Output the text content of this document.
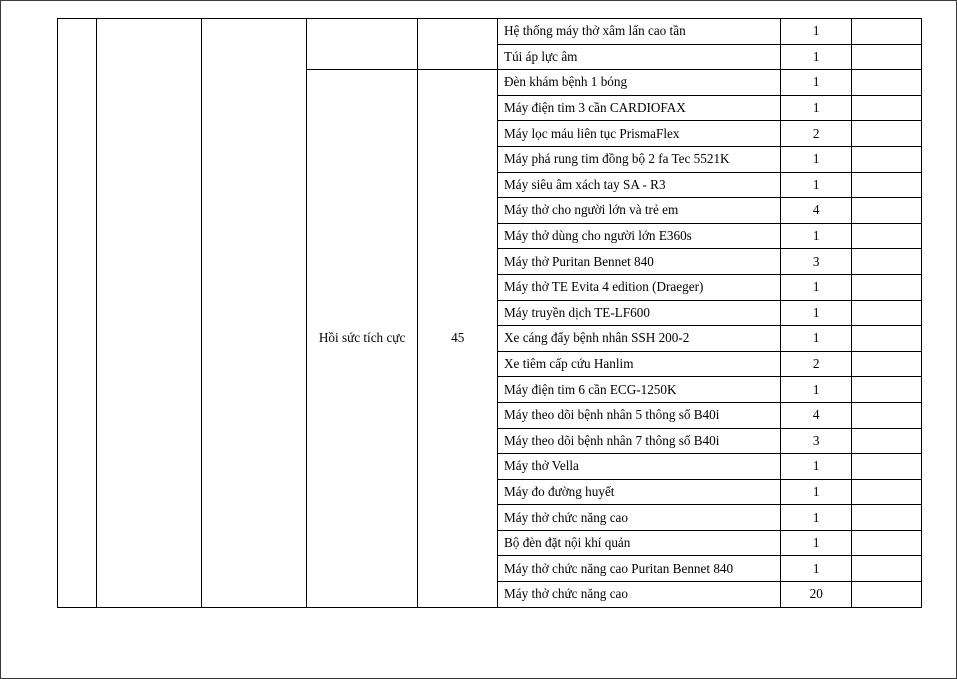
					Hệ thống máy thở xâm lấn cao tần	1	
					Túi áp lực âm	1	
			Hồi sức tích cực	45	Đèn khám bệnh 1 bóng	1	
					Máy điện tim 3 cần CARDIOFAX	1	
					Máy lọc máu liên tục PrismaFlex	2	
					Máy phá rung tim đồng bộ 2 fa Tec 5521K	1	
					Máy siêu âm xách tay SA - R3	1	
					Máy thở cho người lớn và trẻ em	4	
					Máy thở dùng cho người lớn E360s	1	
					Máy thở Puritan Bennet 840	3	
					Máy thở TE Evita 4 edition (Draeger)	1	
					Máy truyền dịch TE-LF600	1	
					Xe cáng đẩy bệnh nhân SSH 200-2	1	
					Xe tiêm cấp cứu Hanlim	2	
					Máy điện tim 6 cần ECG-1250K	1	
					Máy theo dõi bệnh nhân 5 thông số B40i	4	
					Máy theo dõi bệnh nhân 7 thông số B40i	3	
					Máy thở Vella	1	
					Máy đo đường huyết	1	
					Máy thở chức năng cao	1	
					Bộ đèn đặt nội khí quản	1	
					Máy thở chức năng cao Puritan Bennet 840	1	
					Máy thở chức năng cao	20	
